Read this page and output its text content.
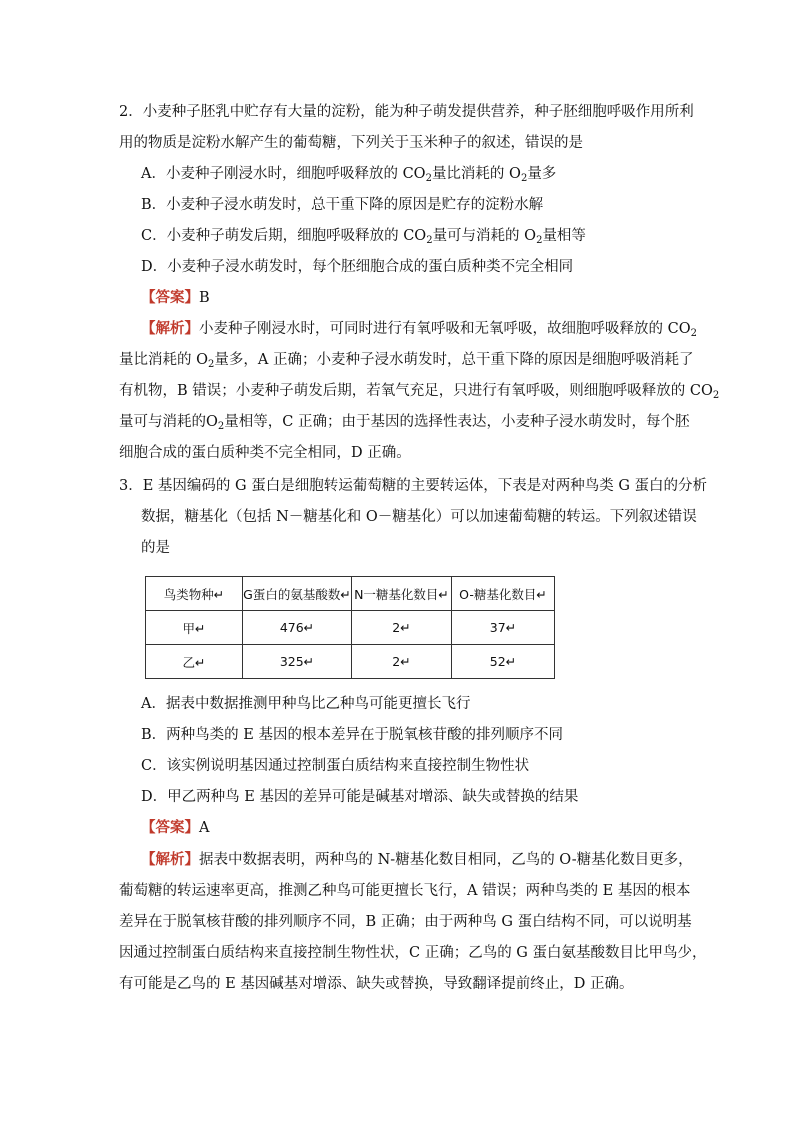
2．小麦种子胚乳中贮存有大量的淀粉，能为种子萌发提供营养，种子胚细胞呼吸作用所利
用的物质是淀粉水解产生的葡萄糖，下列关于玉米种子的叙述，错误的是
A．小麦种子刚浸水时，细胞呼吸释放的 $CO_2$量比消耗的 $O_2$量多
B．小麦种子浸水萌发时，总干重下降的原因是贮存的淀粉水解
C．小麦种子萌发后期，细胞呼吸释放的 $CO_2$量可与消耗的 $O_2$量相等
D．小麦种子浸水萌发时，每个胚细胞合成的蛋白质种类不完全相同
【答案】B
【解析】小麦种子刚浸水时，可同时进行有氧呼吸和无氧呼吸，故细胞呼吸释放的 $CO_2$
量比消耗的 $O_2$量多，A 正确；小麦种子浸水萌发时，总干重下降的原因是细胞呼吸消耗了
有机物，B 错误；小麦种子萌发后期，若氧气充足，只进行有氧呼吸，则细胞呼吸释放的 $CO_2$
量可与消耗的$O_2$量相等，C 正确；由于基因的选择性表达，小麦种子浸水萌发时，每个胚
细胞合成的蛋白质种类不完全相同，D 正确。
3．E 基因编码的 G 蛋白是细胞转运葡萄糖的主要转运体，下表是对两种鸟类 G 蛋白的分析
数据，糖基化（包括 N－糖基化和 O－糖基化）可以加速葡萄糖的转运。下列叙述错误
的是
鸟类物种↵	G蛋白的氨基酸数↵	N一糖基化数目↵	O-糖基化数目↵
甲↵	476↵	2↵	37↵
乙↵	325↵	2↵	52↵
A．据表中数据推测甲种鸟比乙种鸟可能更擅长飞行
B．两种鸟类的 E 基因的根本差异在于脱氧核苷酸的排列顺序不同
C．该实例说明基因通过控制蛋白质结构来直接控制生物性状
D．甲乙两种鸟 E 基因的差异可能是碱基对增添、缺失或替换的结果
【答案】A
【解析】据表中数据表明，两种鸟的 N-糖基化数目相同，乙鸟的 O-糖基化数目更多，
葡萄糖的转运速率更高，推测乙种鸟可能更擅长飞行，A 错误；两种鸟类的 E 基因的根本
差异在于脱氧核苷酸的排列顺序不同，B 正确；由于两种鸟 G 蛋白结构不同，可以说明基
因通过控制蛋白质结构来直接控制生物性状，C 正确；乙鸟的 G 蛋白氨基酸数目比甲鸟少，
有可能是乙鸟的 E 基因碱基对增添、缺失或替换，导致翻译提前终止，D 正确。
